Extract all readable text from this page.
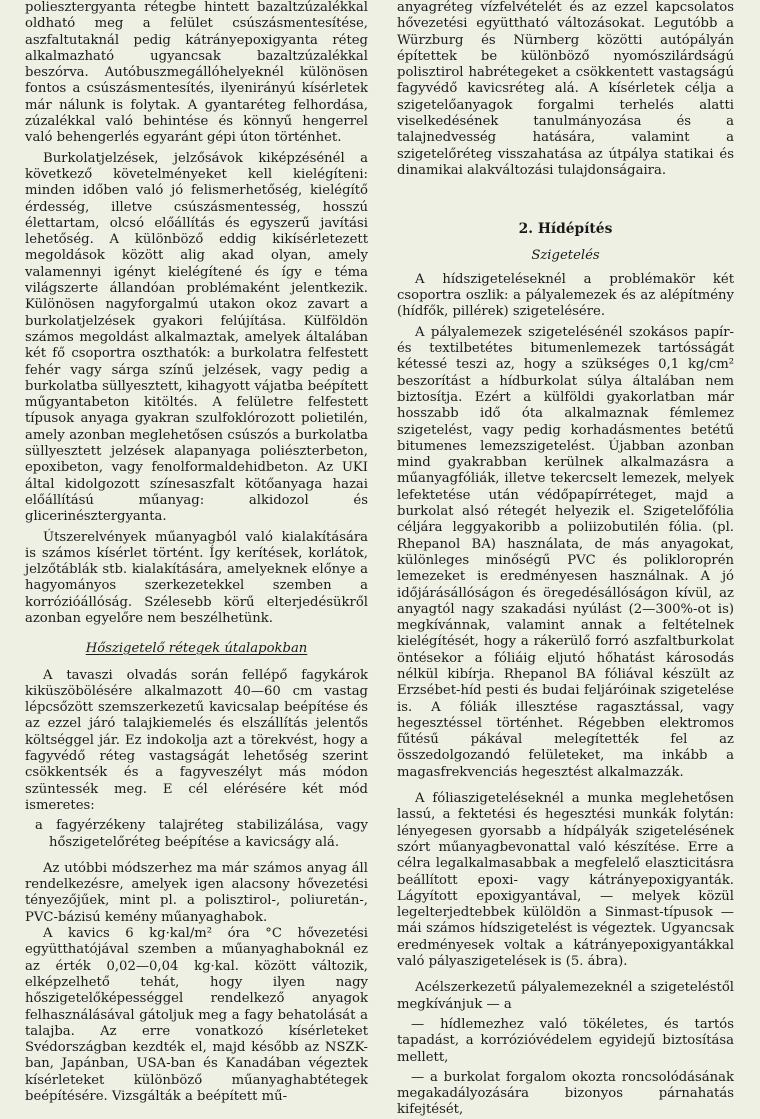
poliesztergyanta rétegbe hintett bazaltzúzalékkal oldható meg a felület csúszásmentesítése, aszfaltutaknál pedig kátrányepoxigyanta réteg alkalmazható ugyancsak bazaltzúzalékkal beszórva. Autóbuszmegállóhelyeknél különösen fontos a csúszásmentesítés, ilyenirányú kísérletek már nálunk is folytak. A gyantaréteg felhordása, zúzalékkal való behintése és könnyű hengerrel való behengerlés egyaránt gépi úton történhet.

Burkolatjelzések, jelzősávok kiképzésénél a következő követelményeket kell kielégíteni: minden időben való jó felismerhetőség, kielégítő érdesség, illetve csúszásmentesség, hosszú élettartam, olcsó előállítás és egyszerű javítási lehetőség. A különböző eddig kikísérletezett megoldások között alig akad olyan, amely valamennyi igényt kielégítené és így e téma világszerte állandóan problémaként jelentkezik. Különösen nagyforgalmú utakon okoz zavart a burkolatjelzések gyakori felújítása. Külföldön számos megoldást alkalmaztak, amelyek általában két fő csoportra oszthatók: a burkolatra felfestett fehér vagy sárga színű jelzések, vagy pedig a burkolatba süllyesztett, kihagyott vájatba beépített műgyantabeton kitöltés. A felületre felfestett típusok anyaga gyakran szulfoklórozott polietilén, amely azonban meglehetősen csúszós a burkolatba süllyesztett jelzések alapanyaga poliészterbeton, epoxibeton, vagy fenolformaldehidbeton. Az UKI által kidolgozott színesaszfalt kötőanyaga hazai előállítású műanyag: alkidozol és glicerinésztergyanta.

Útszerelvények műanyagból való kialakítására is számos kísérlet történt. Így kerítések, korlátok, jelzőtáblák stb. kialakítására, amelyeknek előnye a hagyományos szerkezetekkel szemben a korrózióállóság. Szélesebb körű elterjedésükről azonban egyelőre nem beszélhetünk.

Hőszigetelő rétegek útalapokban

A tavaszi olvadás során fellépő fagykárok kiküszöbölésére alkalmazott 40—60 cm vastag lépcsőzött szemszerkezetű kavicsalap beépítése és az ezzel járó talajkiemelés és elszállítás jelentős költséggel jár. Ez indokolja azt a törekvést, hogy a fagyvédő réteg vastagságát lehetőség szerint csökkentsék és a fagyveszélyt más módon szüntessék meg. E cél elérésére két mód ismeretes:

a fagyérzékeny talajréteg stabilizálása, vagy hőszigetelőréteg beépítése a kavicságy alá.

Az utóbbi módszerhez ma már számos anyag áll rendelkezésre, amelyek igen alacsony hővezetési tényezőjűek, mint pl. a polisztirol-, poliuretán-, PVC-bázisú kemény műanyaghabok.

A kavics 6 kg·kal/m² óra °C hővezetési együtthatójával szemben a műanyaghaboknál ez az érték 0,02—0,04 kg·kal. között változik, elképzelhető tehát, hogy ilyen nagy hőszigetelőképességgel rendelkező anyagok felhasználásával gátoljuk meg a fagy behatolását a talajba. Az erre vonatkozó kísérleteket Svédországban kezdték el, majd később az NSZK-ban, Japánban, USA-ban és Kanadában végeztek kísérleteket különböző műanyaghabtétegek beépítésére. Vizsgálták a beépített mű-

anyagréteg vízfelvételét és az ezzel kapcsolatos hővezetési együttható változásokat. Legutóbb a Würzburg és Nürnberg közötti autópályán építettek be különböző nyomószilárdságú polisztirol habrétegeket a csökkentett vastagságú fagyvédő kavicsréteg alá. A kísérletek célja a szigetelőanyagok forgalmi terhelés alatti viselkedésének tanulmányozása és a talajnedvesség hatására, valamint a szigetelőréteg visszahatása az útpálya statikai és dinamikai alakváltozási tulajdonságaira.

2. Hídépítés

Szigetelés

A hídszigeteléseknél a problémakör két csoportra oszlik: a pályalemezek és az alépítmény (hídfők, pillérek) szigetelésére.

A pályalemezek szigetelésénél szokásos papír- és textilbetétes bitumenlemezek tartósságát kétessé teszi az, hogy a szükséges 0,1 kg/cm² beszorítást a hídburkolat súlya általában nem biztosítja. Ezért a külföldi gyakorlatban már hosszabb idő óta alkalmaznak fémlemez szigetelést, vagy pedig korhadásmentes betétű bitumenes lemezszigetelést. Újabban azonban mind gyakrabban kerülnek alkalmazásra a műanyagfóliák, illetve tekercselt lemezek, melyek lefektetése után védőpapírréteget, majd a burkolat alsó rétegét helyezik el. Szigetelőfólia céljára leggyakoribb a poliizobutilén fólia. (pl. Rhepanol BA) használata, de más anyagokat, különleges minőségű PVC és polikloroprén lemezeket is eredményesen használnak. A jó időjárásállóságon és öregedésállóságon kívül, az anyagtól nagy szakadási nyúlást (2—300%-ot is) megkívánnak, valamint annak a feltételnek kielégítését, hogy a rákerülő forró aszfaltburkolat öntésekor a fóliáig eljutó hőhatást károsodás nélkül kibírja. Rhepanol BA fóliával készült az Erzsébet-híd pesti és budai feljáróinak szigetelése is. A fóliák illesztése ragasztással, vagy hegesztéssel történhet. Régebben elektromos fűtésű pákával melegítették fel az összedolgozandó felületeket, ma inkább a magasfrekvenciás hegesztést alkalmazzák.

A fóliaszigeteléseknél a munka meglehetősen lassú, a fektetési és hegesztési munkák folytán: lényegesen gyorsabb a hídpályák szigetelésének szórt műanyagbevonattal való készítése. Erre a célra legalkalmasabbak a megfelelő elaszticitásra beállított epoxi- vagy kátrányepoxigyanták. Lágyított epoxigyantával, — melyek közül legelterjedtebbek külöldön a Sinmast-típusok — mái számos hídszigetelést is végeztek. Ugyancsak eredményesek voltak a kátrányepoxigyantákkal való pályaszigetelések is (5. ábra).

Acélszerkezetű pályalemezeknél a szigeteléstől megkívánjuk — a

— hídlemezhez való tökéletes, és tartós tapadást, a korrózióvédelem egyidejű biztosítása mellett,

— a burkolat forgalom okozta roncsolódásának megakadályozására bizonyos párnahatás kifejtését,
